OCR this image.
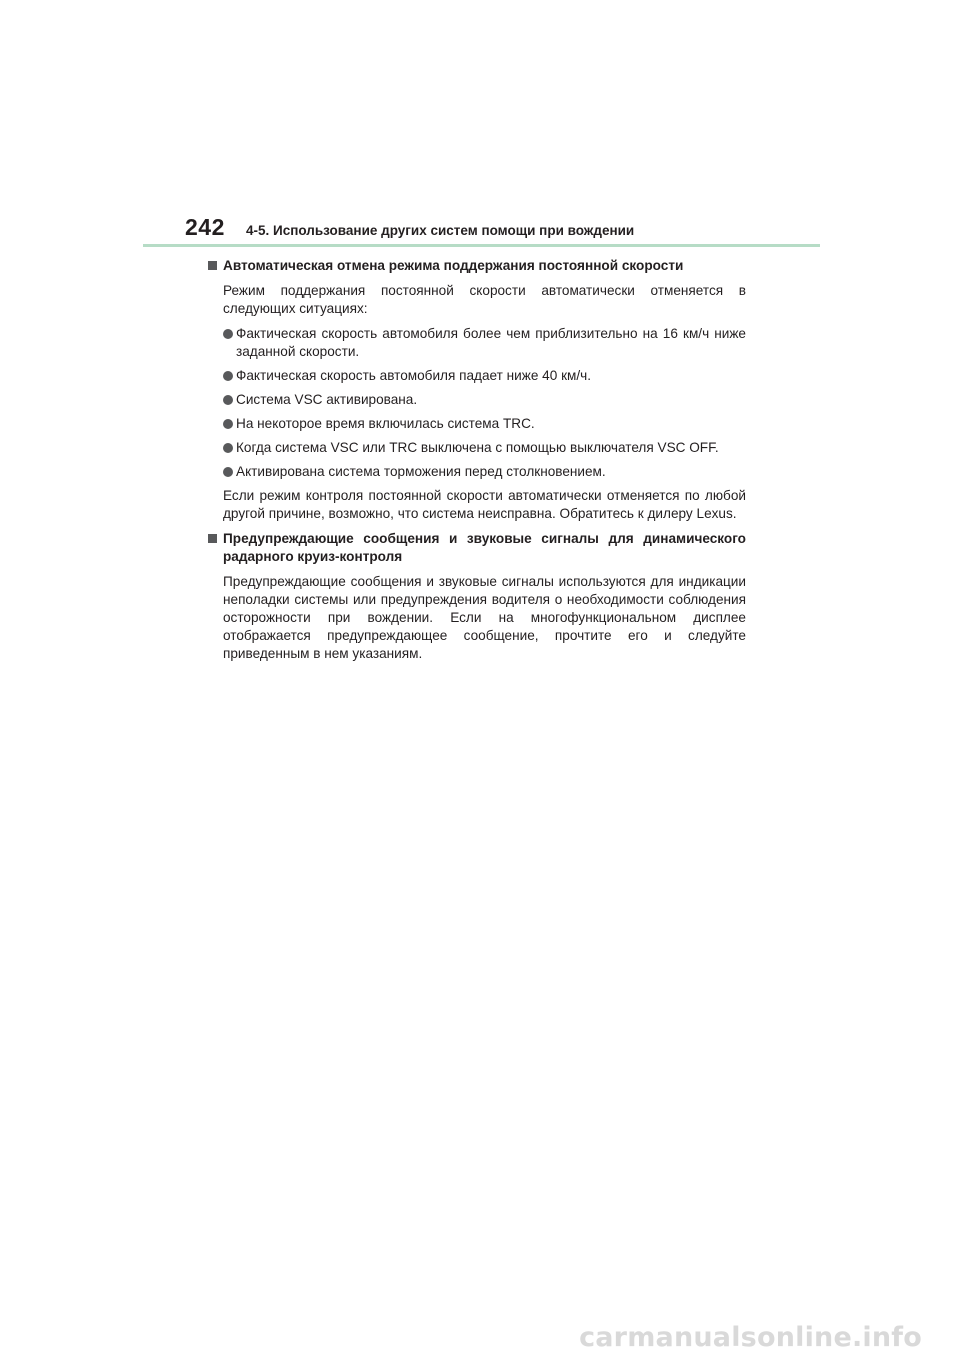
242 4-5. Использование других систем помощи при вождении
Автоматическая отмена режима поддержания постоянной скорости
Режим поддержания постоянной скорости автоматически отменяется в следующих ситуациях:
Фактическая скорость автомобиля более чем приблизительно на 16 км/ч ниже заданной скорости.
Фактическая скорость автомобиля падает ниже 40 км/ч.
Система VSC активирована.
На некоторое время включилась система TRC.
Когда система VSC или TRC выключена с помощью выключателя VSC OFF.
Активирована система торможения перед столкновением.
Если режим контроля постоянной скорости автоматически отменяется по любой другой причине, возможно, что система неисправна. Обратитесь к дилеру Lexus.
Предупреждающие сообщения и звуковые сигналы для динамического радарного круиз-контроля
Предупреждающие сообщения и звуковые сигналы используются для индикации неполадки системы или предупреждения водителя о необходимости соблюдения осторожности при вождении. Если на многофункциональном дисплее отображается предупреждающее сообщение, прочтите его и следуйте приведенным в нем указаниям.
carmanualsonline.info
